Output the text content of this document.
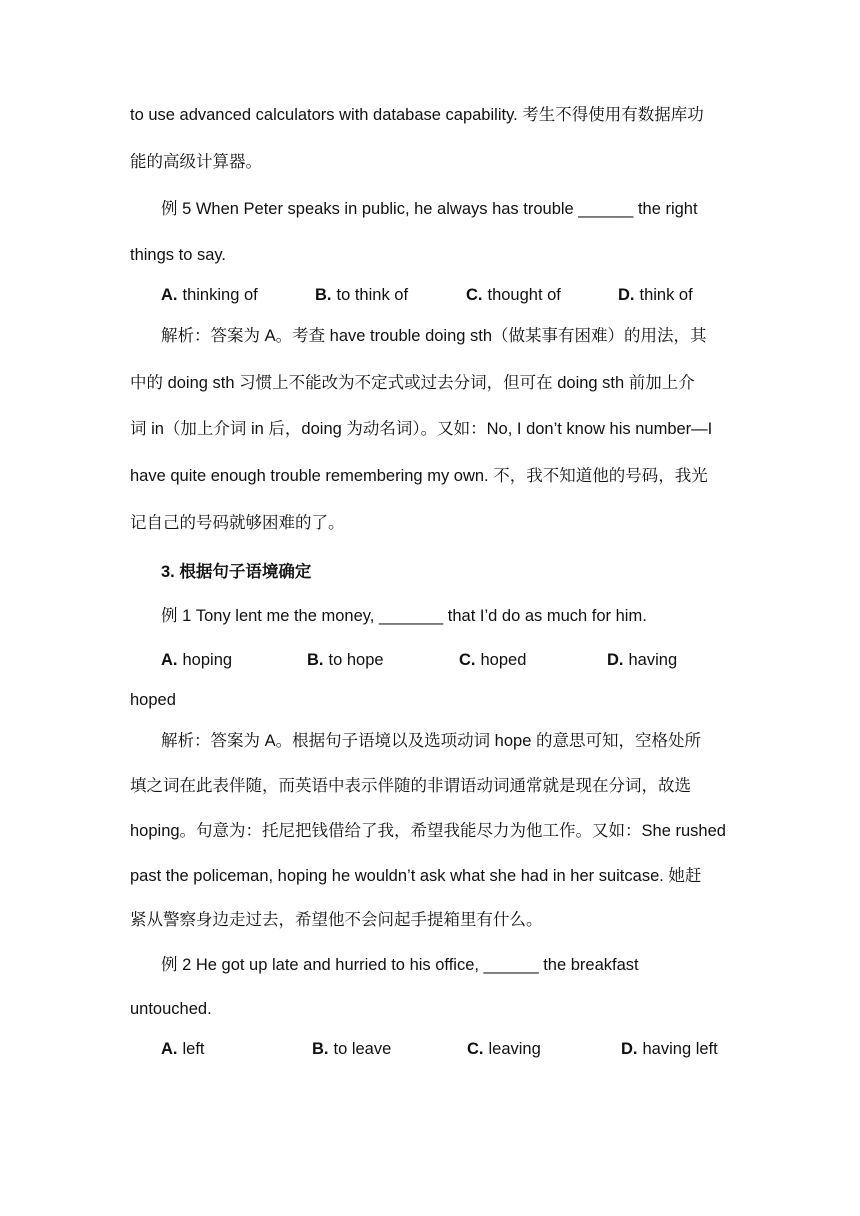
to use advanced calculators with database capability. 考生不得使用有数据库功
能的高级计算器。
例 5 When Peter speaks in public, he always has trouble ______ the right
things to say.
A. thinking of	B. to think of	C. thought of	D. think of
解析：答案为 A。考查 have trouble doing sth（做某事有困难）的用法，其
中的 doing sth 习惯上不能改为不定式或过去分词，但可在 doing sth 前加上介
词 in（加上介词 in 后，doing 为动名词）。又如：No, I don’t know his number—I
have quite enough trouble remembering my own. 不，我不知道他的号码，我光
记自己的号码就够困难的了。
3. 根据句子语境确定
例 1 Tony lent me the money, _______ that I’d do as much for him.
A. hoping	B. to hope	C. hoped	D. having
hoped
解析：答案为 A。根据句子语境以及选项动词 hope 的意思可知，空格处所
填之词在此表伴随，而英语中表示伴随的非谓语动词通常就是现在分词，故选
hoping。句意为：托尼把钱借给了我，希望我能尽力为他工作。又如：She rushed
past the policeman, hoping he wouldn’t ask what she had in her suitcase. 她赶
紧从警察身边走过去，希望他不会问起手提箱里有什么。
例 2 He got up late and hurried to his office, ______ the breakfast
untouched.
A. left	B. to leave	C. leaving	D. having left
